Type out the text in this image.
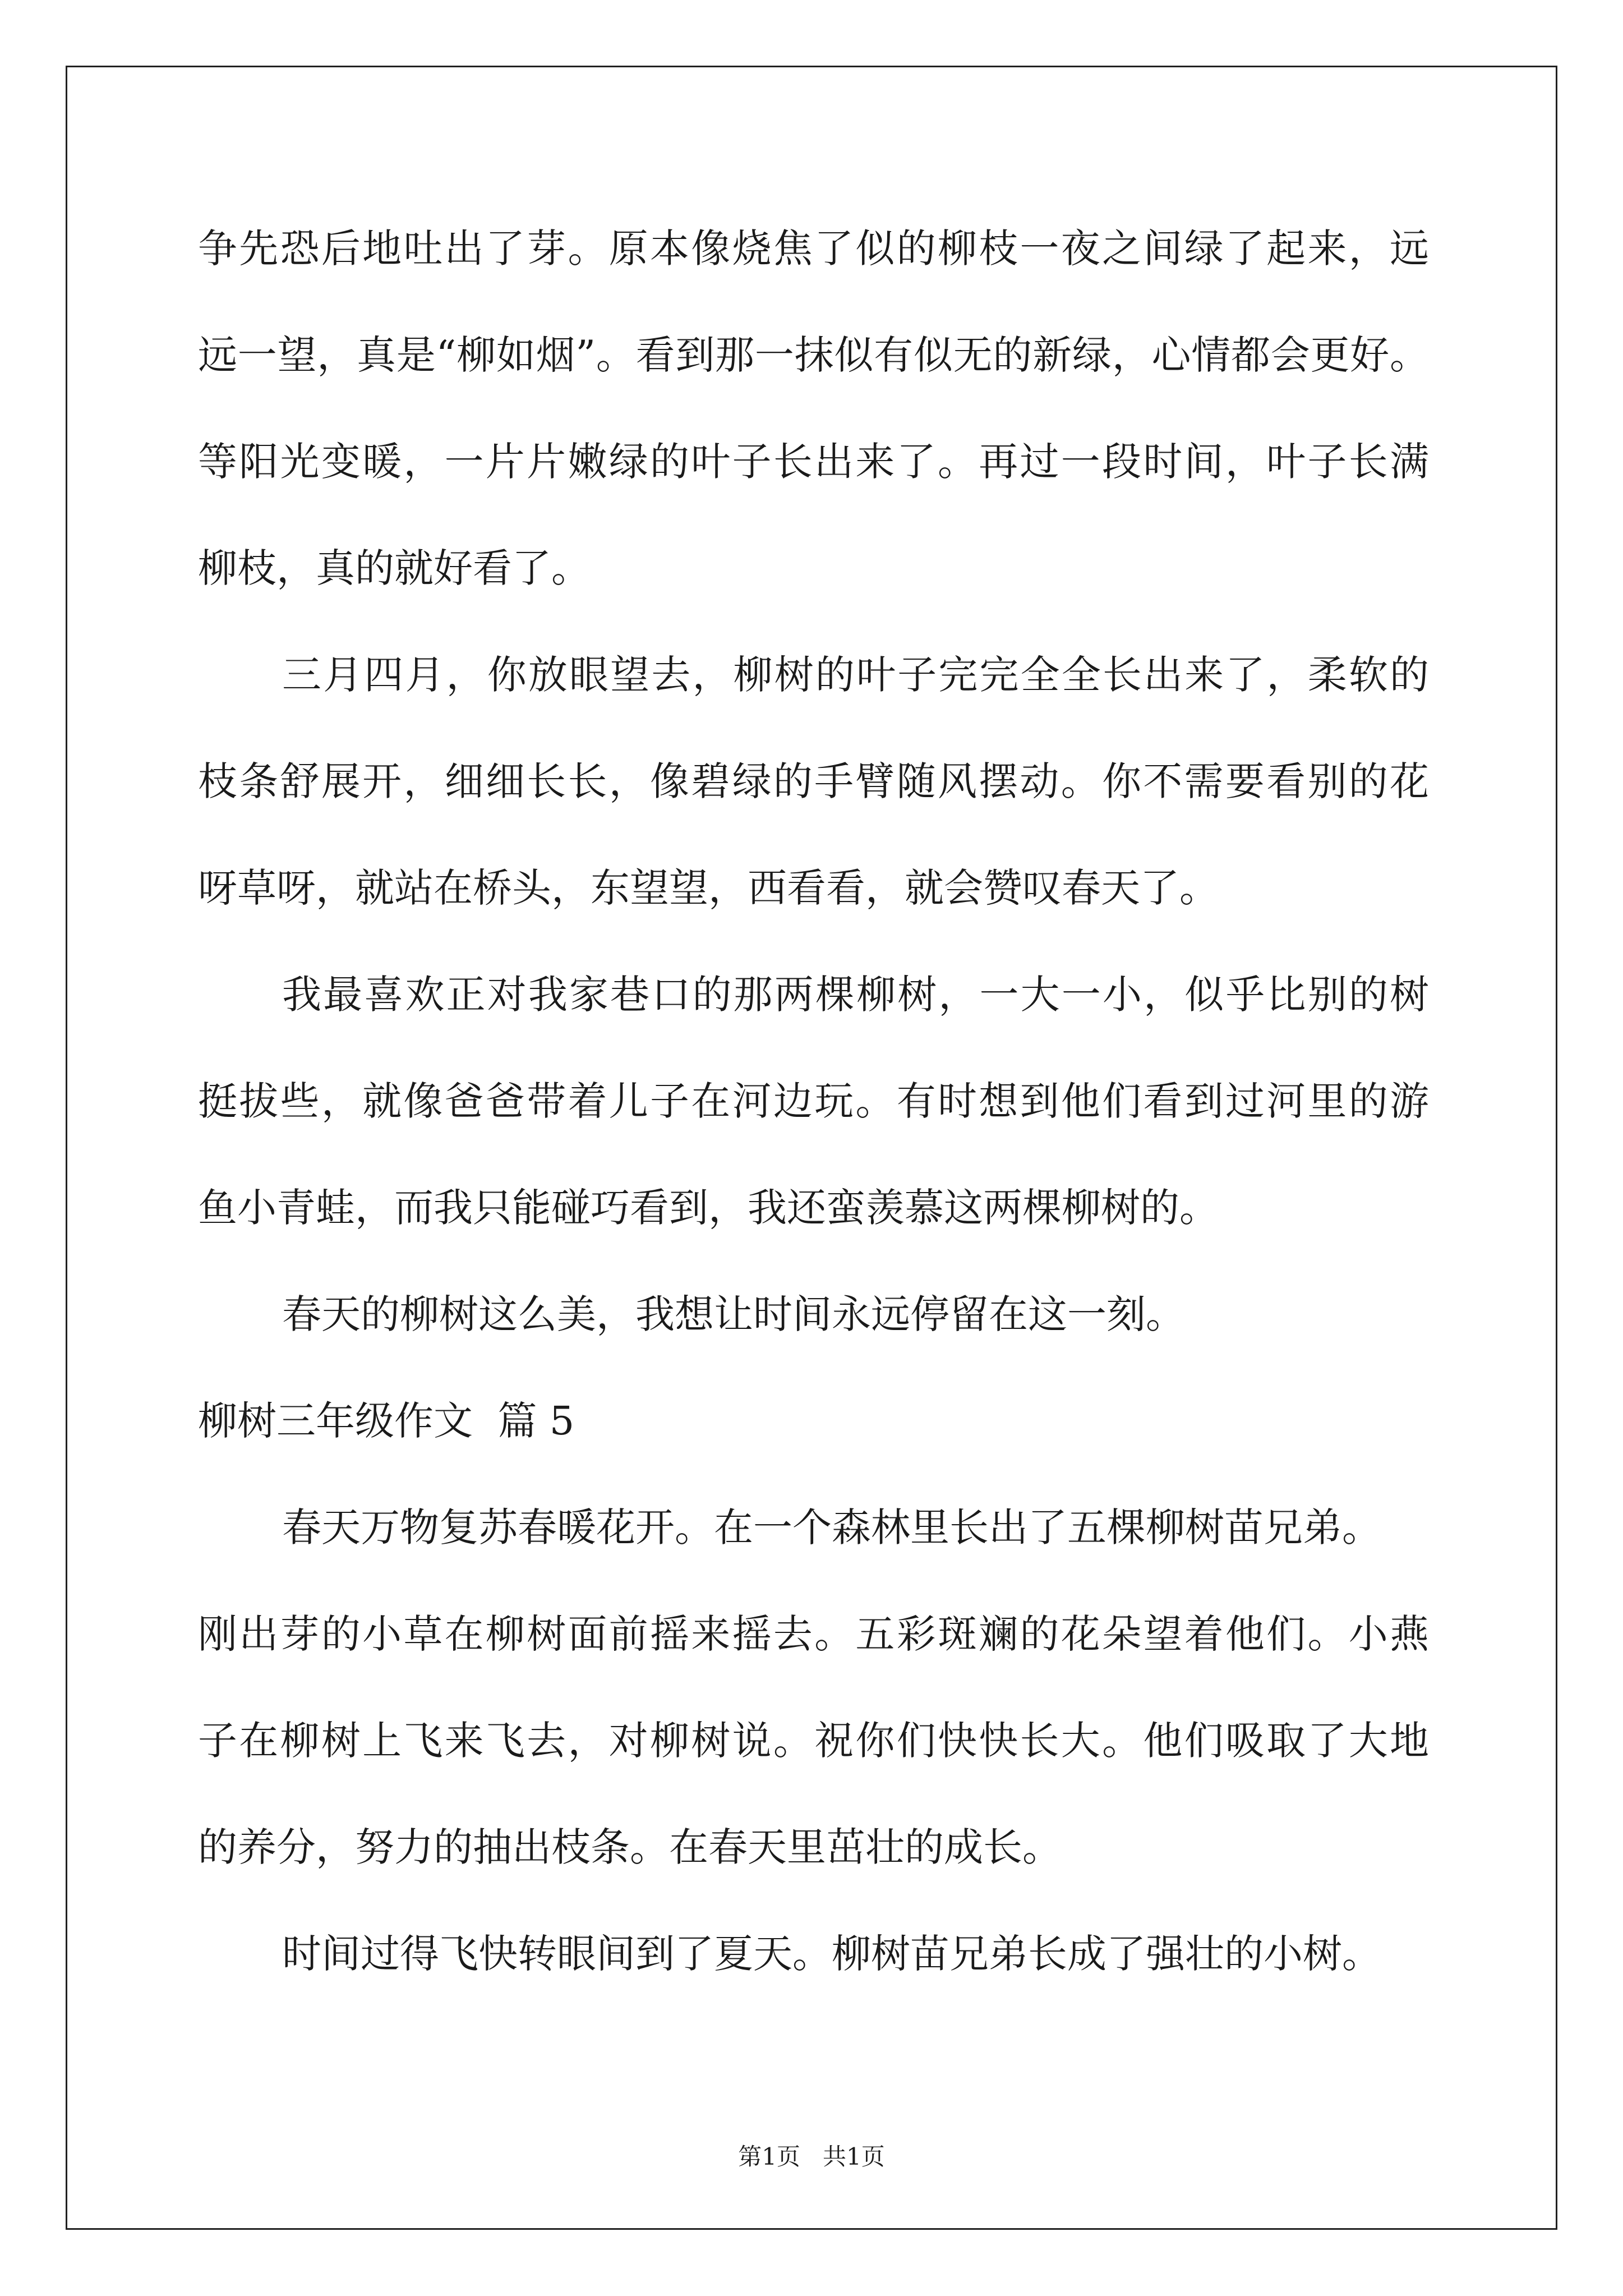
争先恐后地吐出了芽。原本像烧焦了似的柳枝一夜之间绿了起来，远
远一望，真是“柳如烟”。看到那一抹似有似无的新绿，心情都会更好。
等阳光变暖，一片片嫩绿的叶子长出来了。再过一段时间，叶子长满
柳枝，真的就好看了。
三月四月，你放眼望去，柳树的叶子完完全全长出来了，柔软的
枝条舒展开，细细长长，像碧绿的手臂随风摆动。你不需要看别的花
呀草呀，就站在桥头，东望望，西看看，就会赞叹春天了。
我最喜欢正对我家巷口的那两棵柳树，一大一小，似乎比别的树
挺拔些，就像爸爸带着儿子在河边玩。有时想到他们看到过河里的游
鱼小青蛙，而我只能碰巧看到，我还蛮羡慕这两棵柳树的。
春天的柳树这么美，我想让时间永远停留在这一刻。
柳树三年级作文  篇 5
春天万物复苏春暖花开。在一个森林里长出了五棵柳树苗兄弟。
刚出芽的小草在柳树面前摇来摇去。五彩斑斓的花朵望着他们。小燕
子在柳树上飞来飞去，对柳树说。祝你们快快长大。他们吸取了大地
的养分，努力的抽出枝条。在春天里茁壮的成长。
时间过得飞快转眼间到了夏天。柳树苗兄弟长成了强壮的小树。
第1页   共1页
